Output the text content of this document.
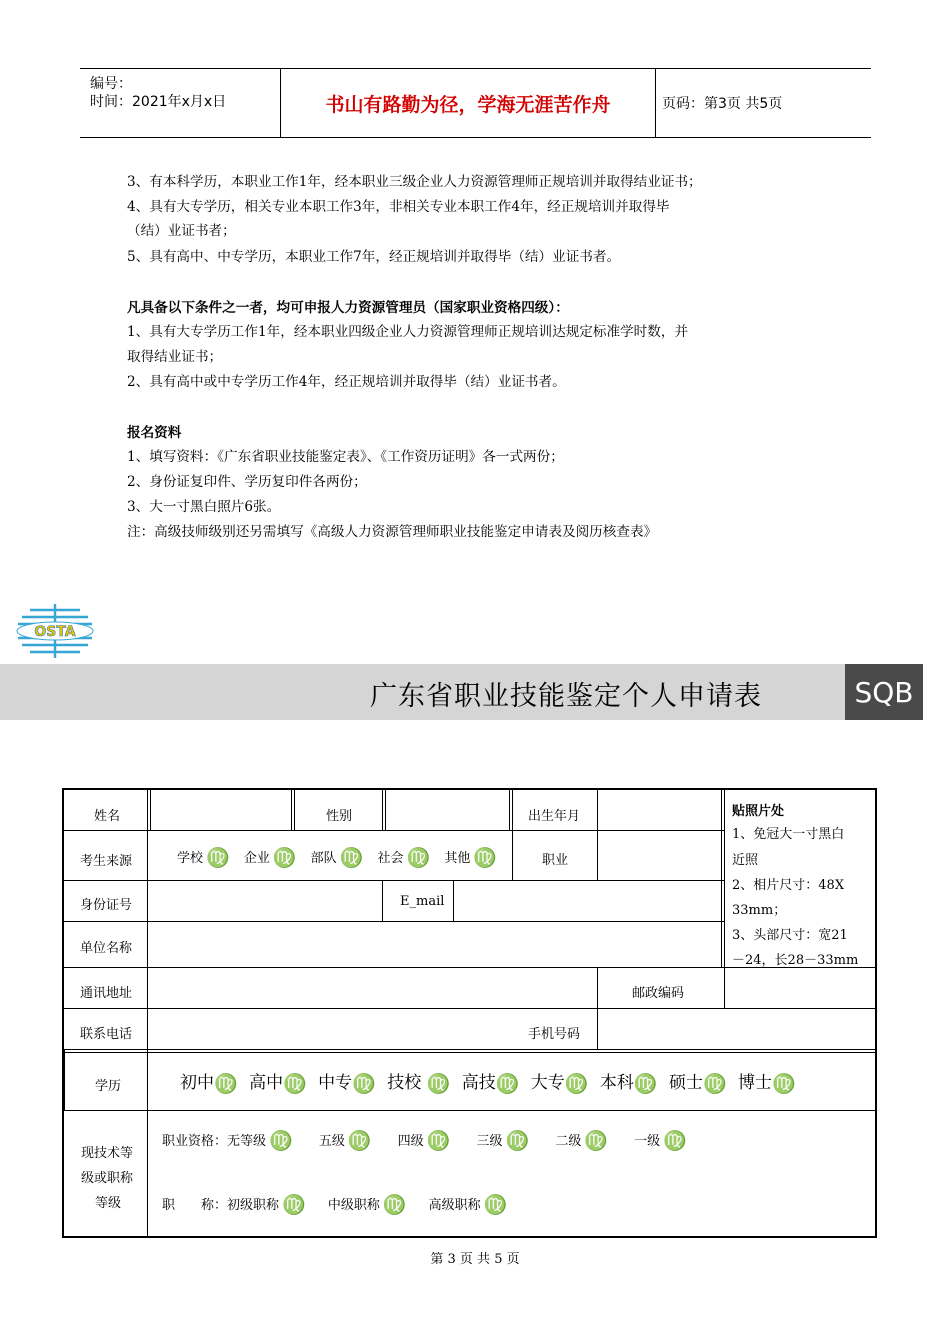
编号：
时间：2021年x月x日	书山有路勤为径，学海无涯苦作舟	页码：第3页 共5页
3、有本科学历，本职业工作1年，经本职业三级企业人力资源管理师正规培训并取得结业证书；
4、具有大专学历，相关专业本职工作3年，非相关专业本职工作4年，经正规培训并取得毕
（结）业证书者；
5、具有高中、中专学历，本职业工作7年，经正规培训并取得毕（结）业证书者。
凡具备以下条件之一者，均可申报人力资源管理员（国家职业资格四级）：
1、具有大专学历工作1年，经本职业四级企业人力资源管理师正规培训达规定标准学时数，并
取得结业证书；
2、具有高中或中专学历工作4年，经正规培训并取得毕（结）业证书者。
报名资料
1、填写资料：《广东省职业技能鉴定表》、《工作资历证明》各一式两份；
2、身份证复印件、学历复印件各两份；
3、大一寸黑白照片6张。
注：高级技师级别还另需填写《高级人力资源管理师职业技能鉴定申请表及阅历核查表》
OSTA
广东省职业技能鉴定个人申请表	SQB
姓名	性别	出生年月	贴照片处
1、免冠大一寸黑白
近照
2、相片尺寸：48X
33mm；
3、头部尺寸：宽21
－24，长28－33mm
考生来源	学校 ♍ 企业 ♍ 部队 ♍ 社会 ♍ 其他 ♍	职业
身份证号	E_mail
单位名称
通讯地址	邮政编码
联系电话	手机号码
学历	初中♍ 高中♍ 中专♍ 技校 ♍ 高技♍ 大专♍ 本科♍ 硕士♍ 博士♍
现技术等
级或职称
等级
职业资格：无等级 ♍ 五级 ♍ 四级 ♍ 三级 ♍ 二级 ♍ 一级 ♍
职　　称：初级职称 ♍ 中级职称 ♍ 高级职称 ♍
第 3 页 共 5 页
